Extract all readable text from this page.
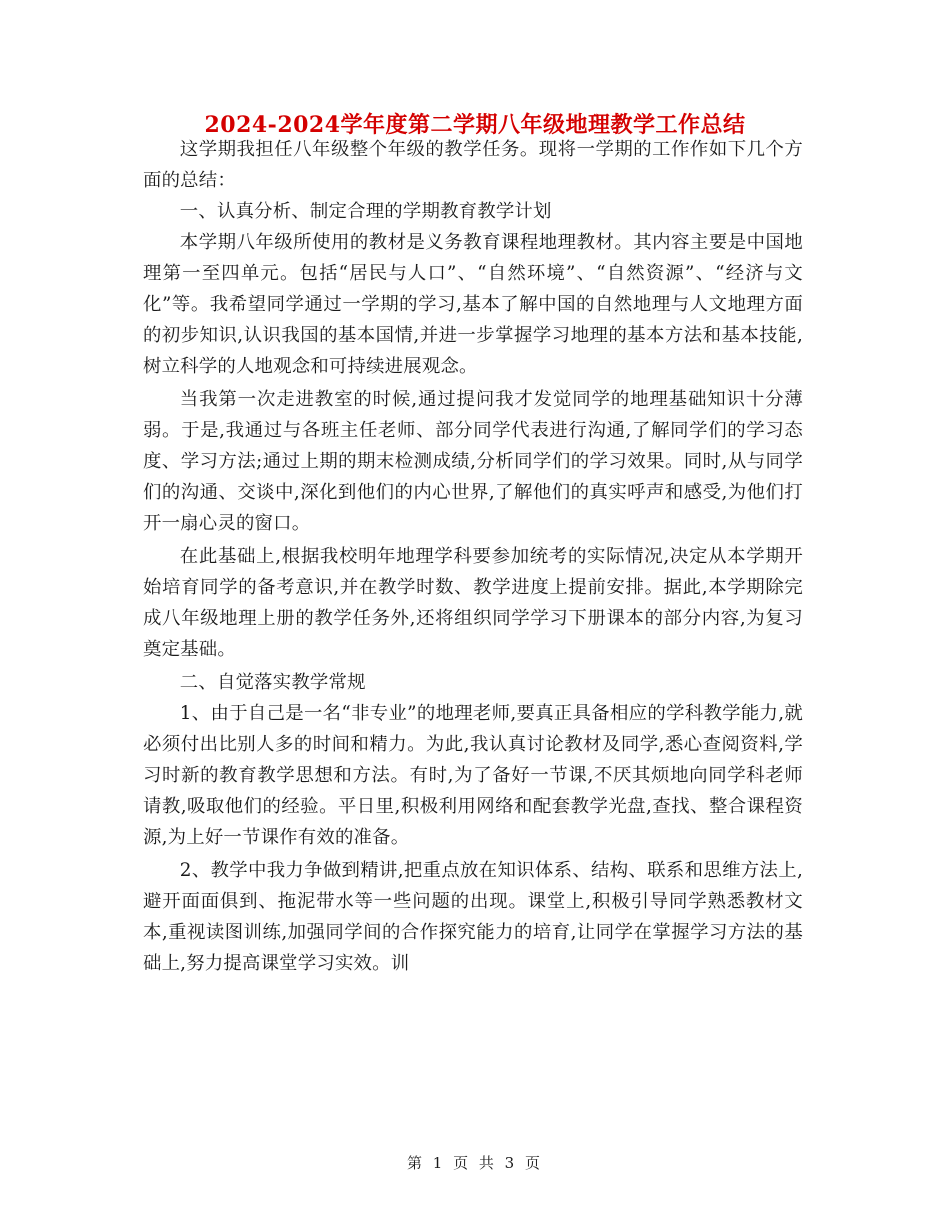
2024-2024学年度第二学期八年级地理教学工作总结

这学期我担任八年级整个年级的教学任务。现将一学期的工作作如下几个方面的总结：

一、认真分析、制定合理的学期教育教学计划

本学期八年级所使用的教材是义务教育课程地理教材。其内容主要是中国地理第一至四单元。包括“居民与人口”、“自然环境”、“自然资源”、“经济与文化”等。我希望同学通过一学期的学习,基本了解中国的自然地理与人文地理方面的初步知识,认识我国的基本国情,并进一步掌握学习地理的基本方法和基本技能,树立科学的人地观念和可持续进展观念。

当我第一次走进教室的时候,通过提问我才发觉同学的地理基础知识十分薄弱。于是,我通过与各班主任老师、部分同学代表进行沟通,了解同学们的学习态度、学习方法;通过上期的期末检测成绩,分析同学们的学习效果。同时,从与同学们的沟通、交谈中,深化到他们的内心世界,了解他们的真实呼声和感受,为他们打开一扇心灵的窗口。

在此基础上,根据我校明年地理学科要参加统考的实际情况,决定从本学期开始培育同学的备考意识,并在教学时数、教学进度上提前安排。据此,本学期除完成八年级地理上册的教学任务外,还将组织同学学习下册课本的部分内容,为复习奠定基础。

二、自觉落实教学常规

1、由于自己是一名“非专业”的地理老师,要真正具备相应的学科教学能力,就必须付出比别人多的时间和精力。为此,我认真讨论教材及同学,悉心查阅资料,学习时新的教育教学思想和方法。有时,为了备好一节课,不厌其烦地向同学科老师请教,吸取他们的经验。平日里,积极利用网络和配套教学光盘,查找、整合课程资源,为上好一节课作有效的准备。

2、教学中我力争做到精讲,把重点放在知识体系、结构、联系和思维方法上,避开面面俱到、拖泥带水等一些问题的出现。课堂上,积极引导同学熟悉教材文本,重视读图训练,加强同学间的合作探究能力的培育,让同学在掌握学习方法的基础上,努力提高课堂学习实效。训

第 1 页 共 3 页
